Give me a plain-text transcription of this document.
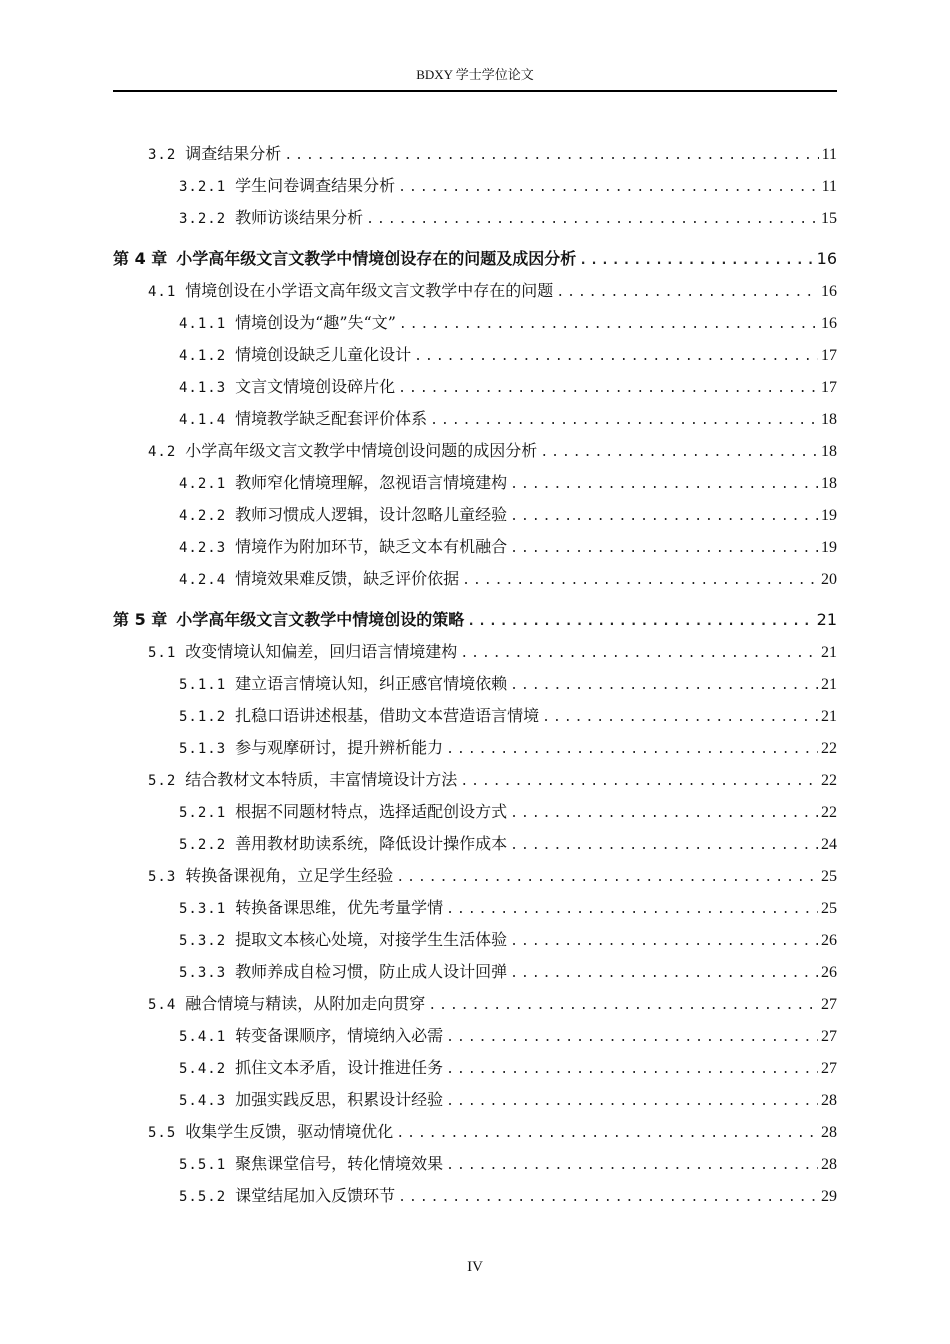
BDXY 学士学位论文
3.2 调查结果分析 .....	11
3.2.1 学生问卷调查结果分析 .....	11
3.2.2 教师访谈结果分析 .....	15
第 4 章 小学高年级文言文教学中情境创设存在的问题及成因分析 .....	16
4.1 情境创设在小学语文高年级文言文教学中存在的问题 .....	16
4.1.1 情境创设为“趣”失“文” .....	16
4.1.2 情境创设缺乏儿童化设计 .....	17
4.1.3 文言文情境创设碎片化 .....	17
4.1.4 情境教学缺乏配套评价体系 .....	18
4.2 小学高年级文言文教学中情境创设问题的成因分析 .....	18
4.2.1 教师窄化情境理解，忽视语言情境建构 .....	18
4.2.2 教师习惯成人逻辑，设计忽略儿童经验 .....	19
4.2.3 情境作为附加环节，缺乏文本有机融合 .....	19
4.2.4 情境效果难反馈，缺乏评价依据 .....	20
第 5 章 小学高年级文言文教学中情境创设的策略 .....	21
5.1 改变情境认知偏差，回归语言情境建构 .....	21
5.1.1 建立语言情境认知，纠正感官情境依赖 .....	21
5.1.2 扎稳口语讲述根基，借助文本营造语言情境 .....	21
5.1.3 参与观摩研讨，提升辨析能力 .....	22
5.2 结合教材文本特质，丰富情境设计方法 .....	22
5.2.1 根据不同题材特点，选择适配创设方式 .....	22
5.2.2 善用教材助读系统，降低设计操作成本 .....	24
5.3 转换备课视角，立足学生经验 .....	25
5.3.1 转换备课思维，优先考量学情 .....	25
5.3.2 提取文本核心处境，对接学生生活体验 .....	26
5.3.3 教师养成自检习惯，防止成人设计回弹 .....	26
5.4 融合情境与精读，从附加走向贯穿 .....	27
5.4.1 转变备课顺序，情境纳入必需 .....	27
5.4.2 抓住文本矛盾，设计推进任务 .....	27
5.4.3 加强实践反思，积累设计经验 .....	28
5.5 收集学生反馈，驱动情境优化 .....	28
5.5.1 聚焦课堂信号，转化情境效果 .....	28
5.5.2 课堂结尾加入反馈环节 .....	29
IV
